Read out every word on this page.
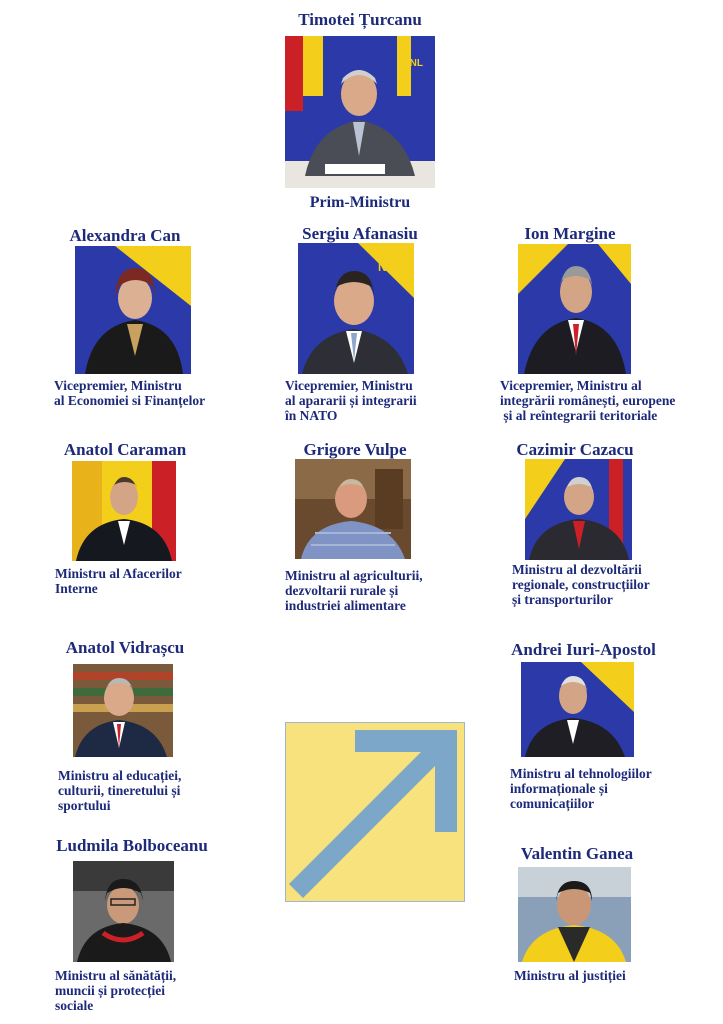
Timotei Țurcanu
PNL
Prim-Ministru
Alexandra Can
Vicepremier, Ministru
al Economiei si Finanțelor
Sergiu Afanasiu
NL
Vicepremier, Ministru
al apararii și integrarii
în NATO
Ion Margine
Vicepremier, Ministru al
integrării românești, europene
și al reîntegrarii teritoriale
Anatol Caraman
Ministru al Afacerilor
Interne
Grigore Vulpe
Ministru al agriculturii,
dezvoltarii rurale și
industriei alimentare
Cazimir Cazacu
Ministru al dezvoltării
regionale, construcțiilor
și transporturilor
Anatol Vidrașcu
Ministru al educației,
culturii, tineretului și
sportului
Andrei Iuri-Apostol
Ministru al tehnologiilor
informaționale și
comunicațiilor
Ludmila Bolboceanu
Ministru al sănătății,
muncii și protecției
sociale
Valentin Ganea
Ministru al justiției
